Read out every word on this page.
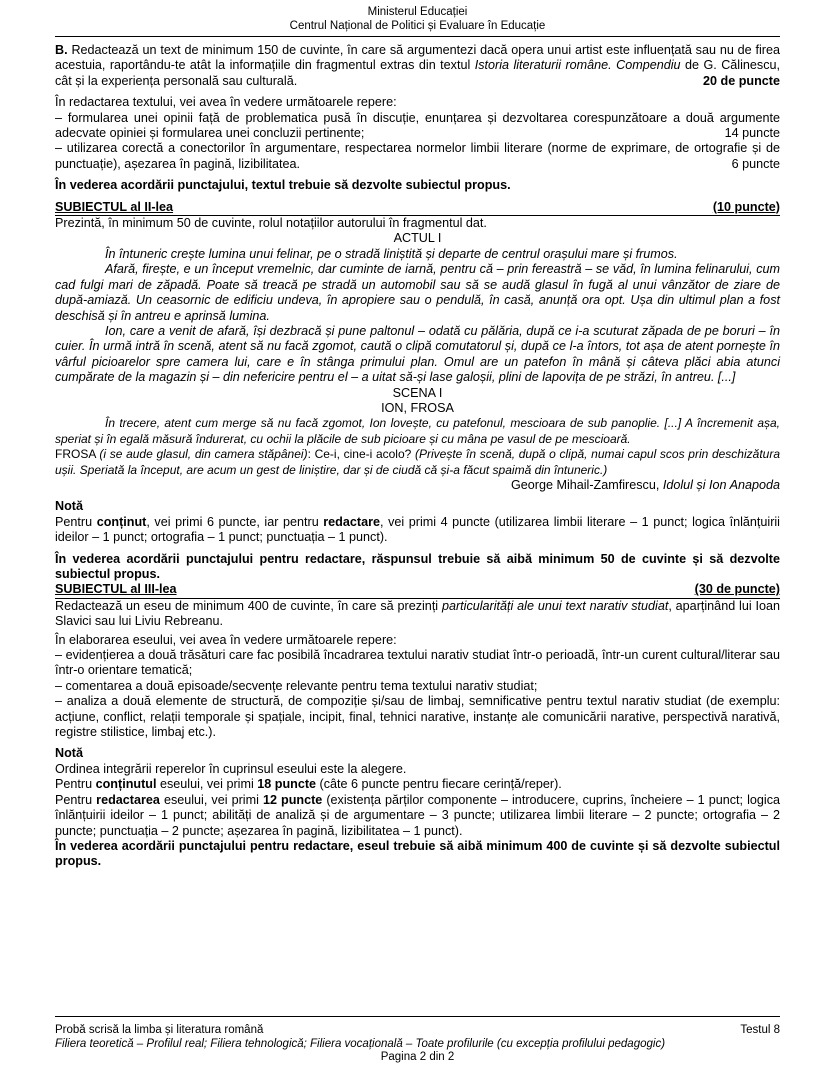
Ministerul Educației
Centrul Național de Politici și Evaluare în Educație

B. Redactează un text de minimum 150 de cuvinte, în care să argumentezi dacă opera unui artist este influențată sau nu de firea acestuia, raportându-te atât la informațiile din fragmentul extras din textul Istoria literaturii române. Compendiu de G. Călinescu, cât și la experiența personală sau culturală.	20 de puncte

În redactarea textului, vei avea în vedere următoarele repere:

– formularea unei opinii față de problematica pusă în discuție, enunțarea și dezvoltarea corespunzătoare a două argumente adecvate opiniei și formularea unei concluzii pertinente;	14 puncte

– utilizarea corectă a conectorilor în argumentare, respectarea normelor limbii literare (norme de exprimare, de ortografie și de punctuație), așezarea în pagină, lizibilitatea.	6 puncte

În vederea acordării punctajului, textul trebuie să dezvolte subiectul propus.

SUBIECTUL al II-lea	(10 puncte)

Prezintă, în minimum 50 de cuvinte, rolul notațiilor autorului în fragmentul dat.

ACTUL I

În întuneric crește lumina unui felinar, pe o stradă liniștită și departe de centrul orașului mare și frumos.

Afară, firește, e un început vremelnic, dar cuminte de iarnă, pentru că – prin fereastră – se văd, în lumina felinarului, cum cad fulgi mari de zăpadă. Poate să treacă pe stradă un automobil sau să se audă glasul în fugă al unui vânzător de ziare de după-amiază. Un ceasornic de edificiu undeva, în apropiere sau o pendulă, în casă, anunță ora opt. Ușa din ultimul plan a fost deschisă și în antreu e aprinsă lumina.

Ion, care a venit de afară, își dezbracă și pune paltonul – odată cu pălăria, după ce i-a scuturat zăpada de pe boruri – în cuier. În urmă intră în scenă, atent să nu facă zgomot, caută o clipă comutatorul și, după ce l-a întors, tot așa de atent pornește în vârful picioarelor spre camera lui, care e în stânga primului plan. Omul are un patefon în mână și câteva plăci abia atunci cumpărate de la magazin și – din nefericire pentru el – a uitat să-și lase galoșii, plini de lapovița de pe străzi, în antreu. [...]

SCENA I

ION, FROSA

În trecere, atent cum merge să nu facă zgomot, Ion lovește, cu patefonul, mescioara de sub panoplie. [...] A încremenit așa, speriat și în egală măsură îndurerat, cu ochii la plăcile de sub picioare și cu mâna pe vasul de pe mescioară.

FROSA (i se aude glasul, din camera stăpânei): Ce-i, cine-i acolo? (Privește în scenă, după o clipă, numai capul scos prin deschizătura ușii. Speriată la început, are acum un gest de liniștire, dar și de ciudă că și-a făcut spaimă din întuneric.)

George Mihail-Zamfirescu, Idolul și Ion Anapoda

Notă

Pentru conținut, vei primi 6 puncte, iar pentru redactare, vei primi 4 puncte (utilizarea limbii literare – 1 punct; logica înlănțuirii ideilor – 1 punct; ortografia – 1 punct; punctuația – 1 punct).

În vederea acordării punctajului pentru redactare, răspunsul trebuie să aibă minimum 50 de cuvinte și să dezvolte subiectul propus.

SUBIECTUL al III-lea	(30 de puncte)

Redactează un eseu de minimum 400 de cuvinte, în care să prezinți particularități ale unui text narativ studiat, aparținând lui Ioan Slavici sau lui Liviu Rebreanu.

În elaborarea eseului, vei avea în vedere următoarele repere:

– evidențierea a două trăsături care fac posibilă încadrarea textului narativ studiat într-o perioadă, într-un curent cultural/literar sau într-o orientare tematică;

– comentarea a două episoade/secvențe relevante pentru tema textului narativ studiat;

– analiza a două elemente de structură, de compoziție și/sau de limbaj, semnificative pentru textul narativ studiat (de exemplu: acțiune, conflict, relații temporale și spațiale, incipit, final, tehnici narative, instanțe ale comunicării narative, perspectivă narativă, registre stilistice, limbaj etc.).

Notă

Ordinea integrării reperelor în cuprinsul eseului este la alegere.

Pentru conținutul eseului, vei primi 18 puncte (câte 6 puncte pentru fiecare cerință/reper).

Pentru redactarea eseului, vei primi 12 puncte (existența părților componente – introducere, cuprins, încheiere – 1 punct; logica înlănțuirii ideilor – 1 punct; abilități de analiză și de argumentare – 3 puncte; utilizarea limbii literare – 2 puncte; ortografia – 2 puncte; punctuația – 2 puncte; așezarea în pagină, lizibilitatea – 1 punct).

În vederea acordării punctajului pentru redactare, eseul trebuie să aibă minimum 400 de cuvinte și să dezvolte subiectul propus.

Probă scrisă la limba și literatura română	Testul 8
Filiera teoretică – Profilul real; Filiera tehnologică; Filiera vocațională – Toate profilurile (cu excepția profilului pedagogic)
Pagina 2 din 2
